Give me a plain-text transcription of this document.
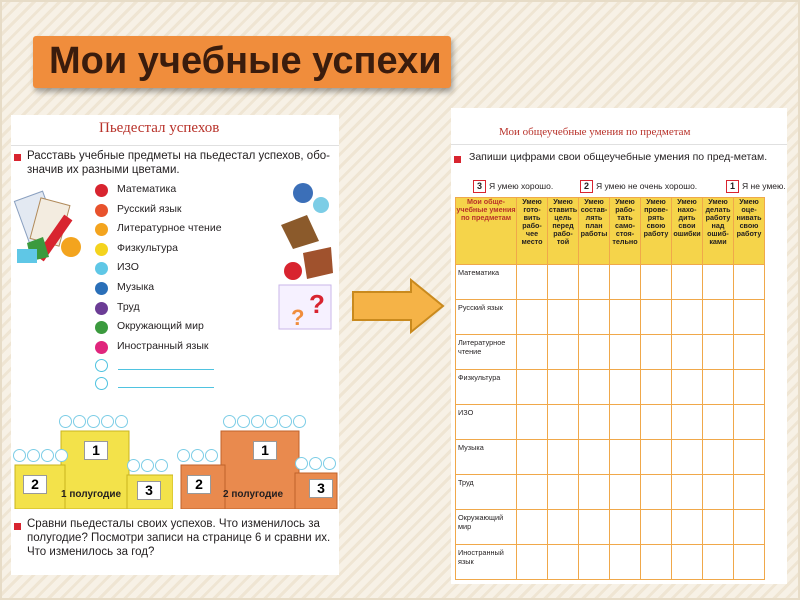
Мои учебные успехи
Пьедестал успехов
Расставь учебные предметы на пьедестал успехов, обо-значив их разными цветами.
?
?
Математика
Русский язык
Литературное чтение
Физкультура
ИЗО
Музыка
Труд
Окружающий мир
Иностранный язык
1
2	3
1 полугодие
1
2	3
2 полугодие
Сравни пьедесталы своих успехов. Что изменилось за полугодие? Посмотри записи на странице 6 и сравни их. Что изменилось за год?
Мои общеучебные умения по предметам
Запиши цифрами свои общеучебные умения по пред-метам.
3 Я умею хорошо.	2 Я умею не очень хорошо.	1 Я не умею.
Мои обще-учебные умения по предметам	Умею гото-вить рабо-чее место	Умею ставить цель перед рабо-той	Умею состав-лять план работы	Умею рабо-тать само-стоя-тельно	Умею прове-рять свою работу	Умею нахо-дить свои ошибки	Умею делать работу над ошиб-ками	Умею оце-нивать свою работу
Математика								
Русский язык								
Литературное чтение								
Физкультура								
ИЗО								
Музыка								
Труд								
Окружающий мир								
Иностранный язык								
